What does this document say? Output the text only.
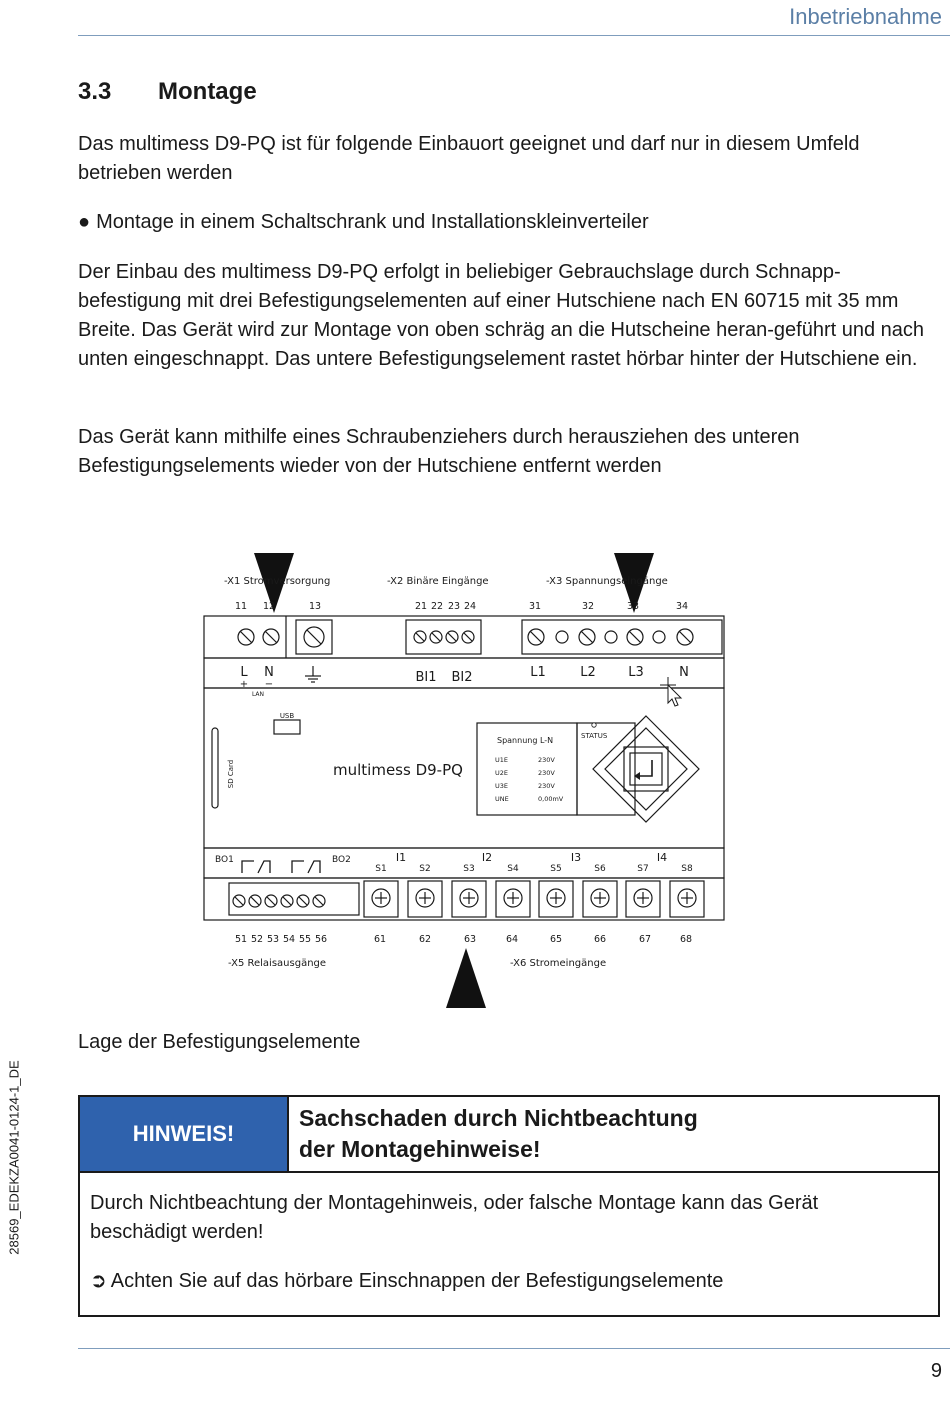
Inbetriebnahme
3.3 Montage
Das multimess D9-PQ ist für folgende Einbauort geeignet und darf nur in diesem Umfeld betrieben werden
● Montage in einem Schaltschrank und Installationskleinverteiler
Der Einbau des multimess D9-PQ erfolgt in beliebiger Gebrauchslage durch Schnapp-befestigung mit drei Befestigungselementen auf einer Hutschiene nach EN 60715 mit 35 mm Breite. Das Gerät wird zur Montage von oben schräg an die Hutscheine heran-geführt und nach unten eingeschnappt. Das untere Befestigungselement rastet hörbar hinter der Hutschiene ein.
Das Gerät kann mithilfe eines Schraubenziehers durch herausziehen des unteren Befestigungselements wieder von der Hutschiene entfernt werden
-X1 Stromversorgung	-X2 Binäre Eingänge	-X3 Spannungseingänge
-X5 Relaisausgänge	-X6 Stromeingänge
11 12	13	21 22 23 24	31	32	33	34
L N	BI1 BI2	L1	L2 L3	N
+ −
LAN
USB
SD Card	multimess D9-PQ
STATUS
Spannung L-N
U1E	230V
U2E	230V
U3E	230V
UNE	0,00mV
BO1	BO2
S1	S2	S3	S4	S5	S6	S7	S8
I1	I2	I3	I4
51 52 53 54 55 56	61	62	63	64	65	66	67	68
Lage der Befestigungselemente
HINWEIS!
Sachschaden durch Nichtbeachtung
der Montagehinweise!
Durch Nichtbeachtung der Montagehinweis, oder falsche Montage kann das Gerät beschädigt werden!
➲ Achten Sie auf das hörbare Einschnappen der Befestigungselemente
9
28569_EDEKZA0041-0124-1_DE
